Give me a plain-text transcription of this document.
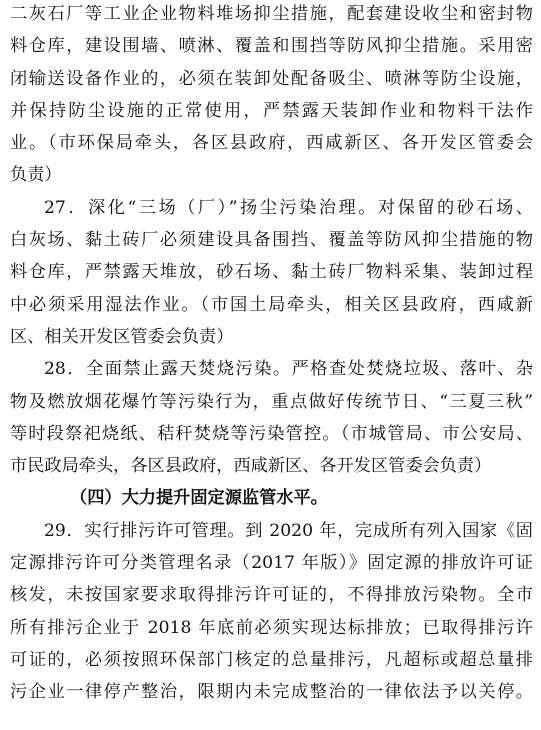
二灰石厂等工业企业物料堆场抑尘措施，配套建设收尘和密封物
料仓库，建设围墙、喷淋、覆盖和围挡等防风抑尘措施。采用密
闭输送设备作业的，必须在装卸处配备吸尘、喷淋等防尘设施，
并保持防尘设施的正常使用，严禁露天装卸作业和物料干法作
业。（市环保局牵头，各区县政府，西咸新区、各开发区管委会
负责）
27．深化“三场（厂）”扬尘污染治理。对保留的砂石场、
白灰场、黏土砖厂必须建设具备围挡、覆盖等防风抑尘措施的物
料仓库，严禁露天堆放，砂石场、黏土砖厂物料采集、装卸过程
中必须采用湿法作业。（市国土局牵头，相关区县政府，西咸新
区、相关开发区管委会负责）
28．全面禁止露天焚烧污染。严格查处焚烧垃圾、落叶、杂
物及燃放烟花爆竹等污染行为，重点做好传统节日、“三夏三秋”
等时段祭祀烧纸、秸秆焚烧等污染管控。（市城管局、市公安局、
市民政局牵头，各区县政府，西咸新区、各开发区管委会负责）
（四）大力提升固定源监管水平。
29．实行排污许可管理。到 2020 年，完成所有列入国家《固
定源排污许可分类管理名录（2017 年版）》固定源的排放许可证
核发，未按国家要求取得排污许可证的，不得排放污染物。全市
所有排污企业于 2018 年底前必须实现达标排放；已取得排污许
可证的，必须按照环保部门核定的总量排污，凡超标或超总量排
污企业一律停产整治，限期内未完成整治的一律依法予以关停。
